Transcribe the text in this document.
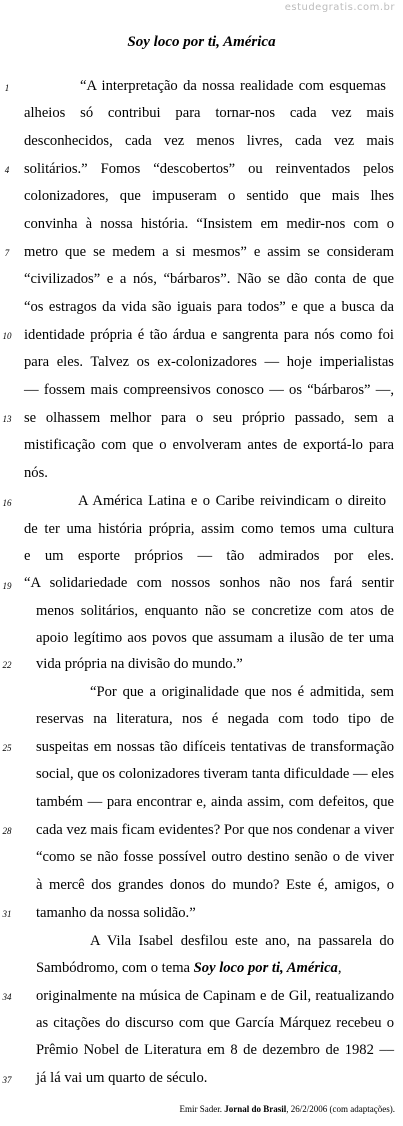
estudegratis.com.br
Soy loco por ti, América
1
4
7
10
13
16
19
22
25
28
31
34
37
“A interpretação da nossa realidade com esquemas
alheios só contribui para tornar-nos cada vez mais
desconhecidos, cada vez menos livres, cada vez mais
solitários.” Fomos “descobertos” ou reinventados pelos
colonizadores, que impuseram o sentido que mais lhes
convinha à nossa história. “Insistem em medir-nos com o
metro que se medem a si mesmos” e assim se consideram
“civilizados” e a nós, “bárbaros”. Não se dão conta de que
“os estragos da vida são iguais para todos” e que a busca da
identidade própria é tão árdua e sangrenta para nós como foi
para eles. Talvez os ex-colonizadores — hoje imperialistas
— fossem mais compreensivos conosco — os “bárbaros” —,
se olhassem melhor para o seu próprio passado, sem a
mistificação com que o envolveram antes de exportá-lo para
nós.
A América Latina e o Caribe reivindicam o direito
de ter uma história própria, assim como temos uma cultura
e um esporte próprios — tão admirados por eles.
“A solidariedade com nossos sonhos não nos fará sentir
menos solitários, enquanto não se concretize com atos de
apoio legítimo aos povos que assumam a ilusão de ter uma
vida própria na divisão do mundo.”
“Por que a originalidade que nos é admitida, sem
reservas na literatura, nos é negada com todo tipo de
suspeitas em nossas tão difíceis tentativas de transformação
social, que os colonizadores tiveram tanta dificuldade — eles
também — para encontrar e, ainda assim, com defeitos, que
cada vez mais ficam evidentes? Por que nos condenar a viver
“como se não fosse possível outro destino senão o de viver
à mercê dos grandes donos do mundo? Este é, amigos, o
tamanho da nossa solidão.”
A Vila Isabel desfilou este ano, na passarela do
Sambódromo, com o tema Soy loco por ti, América,
originalmente na música de Capinam e de Gil, reatualizando
as citações do discurso com que García Márquez recebeu o
Prêmio Nobel de Literatura em 8 de dezembro de 1982 ––
já lá vai um quarto de século.
Emir Sader. Jornal do Brasil, 26/2/2006 (com adaptações).
